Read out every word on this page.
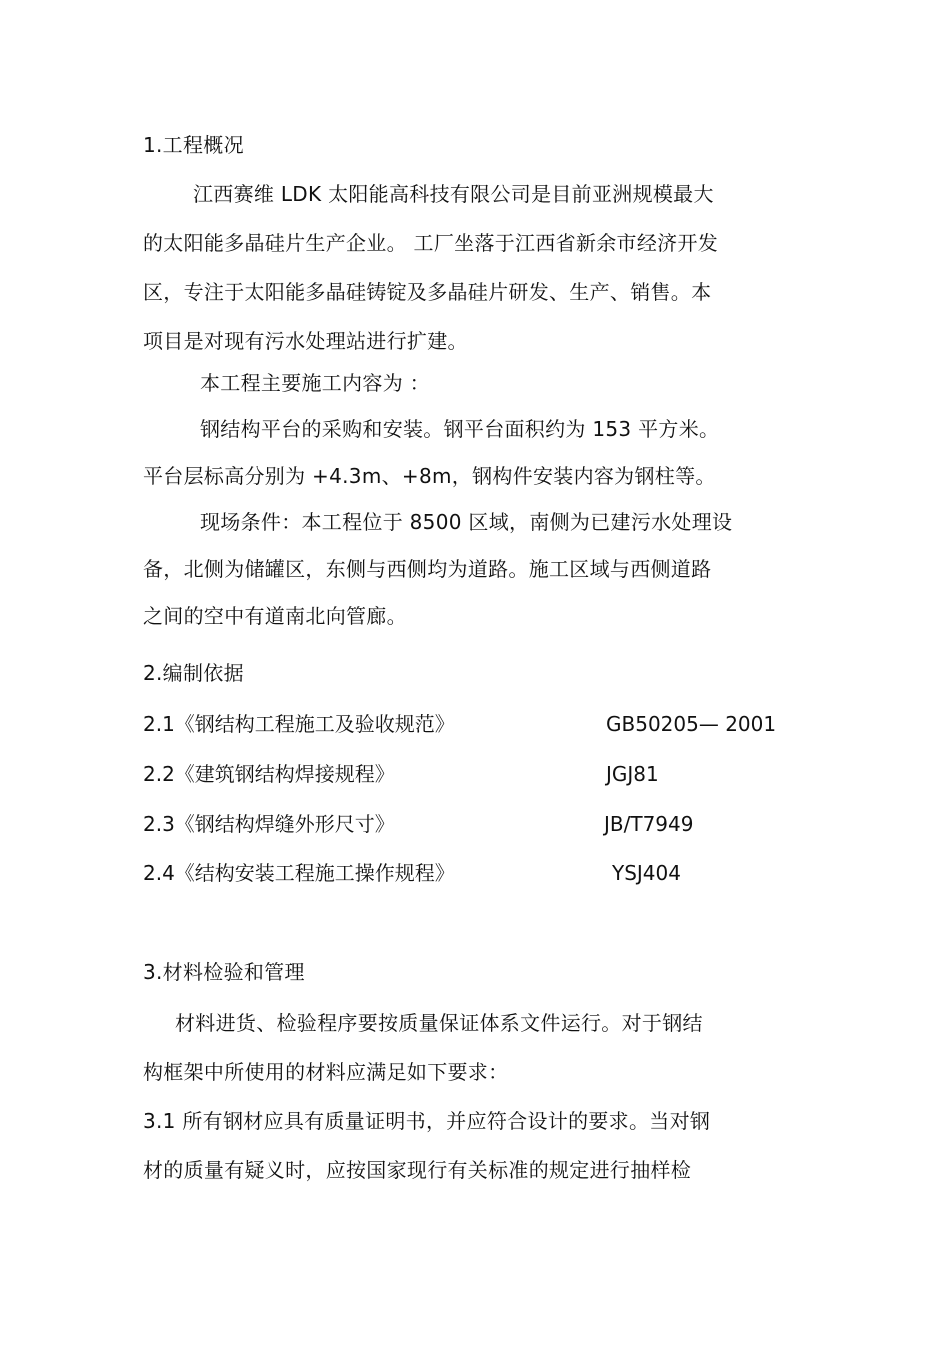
1.工程概况
江西赛维 LDK 太阳能高科技有限公司是目前亚洲规模最大
的太阳能多晶硅片生产企业。 工厂坐落于江西省新余市经济开发
区，专注于太阳能多晶硅铸锭及多晶硅片研发、生产、销售。本
项目是对现有污水处理站进行扩建。
本工程主要施工内容为 ：
钢结构平台的采购和安装。钢平台面积约为 153 平方米。
平台层标高分别为 +4.3m、+8m，钢构件安装内容为钢柱等。
现场条件：本工程位于 8500 区域，南侧为已建污水处理设
备，北侧为储罐区，东侧与西侧均为道路。施工区域与西侧道路
之间的空中有道南北向管廊。
2.编制依据
2.1《钢结构工程施工及验收规范》	GB50205— 2001
2.2《建筑钢结构焊接规程》	JGJ81
2.3《钢结构焊缝外形尺寸》	JB/T7949
2.4《结构安装工程施工操作规程》	YSJ404
3.材料检验和管理
材料进货、检验程序要按质量保证体系文件运行。对于钢结
构框架中所使用的材料应满足如下要求：
3.1 所有钢材应具有质量证明书，并应符合设计的要求。当对钢
材的质量有疑义时，应按国家现行有关标准的规定进行抽样检
